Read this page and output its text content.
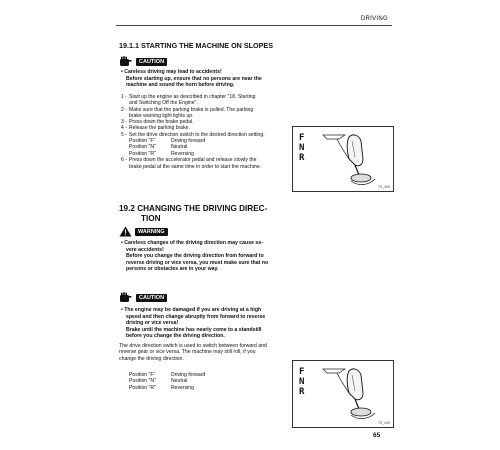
DRIVING
19.1.1 STARTING THE MACHINE ON SLOPES
CAUTION
• Careless driving may lead to accidents!
Before starting up, ensure that no persons are near the
machine and sound the horn before driving.
1 - Start up the engine as described in chapter "18. Starting
and Switching Off the Engine".
2 - Make sure that the parking brake is pulled. The parking
brake warning light lights up.
3 - Press down the brake pedal.
4 - Release the parking brake.
5 - Set the drive direction switch to the desired direction setting.
Position "F"	Driving forward
Position "N"	Neutral
Position "R"	Reversing
6 - Press down the accelerator pedal and release slowly the
brake pedal at the same time in order to start the machine.
F
N
R
7S_409
19.2 CHANGING THE DRIVING DIREC-
TION
WARNING
• Careless changes of the driving direction may cause se-
vere accidents!
Before you change the driving direction from forward to
reverse driving or vice versa, you must make sure that no
persons or obstacles are in your way.
CAUTION
• The engine may be damaged if you are driving at a high
speed and then change abruptly from forward to reverse
driving or vice versa!
Brake until the machine has nearly come to a standstill
before you change the driving direction.
The drive direction switch is used to switch between forward and
reverse gear or vice versa. The machine may still roll, if you
change the driving direction.
Position "F"	Driving forward
Position "N"	Neutral
Position "R"	Reversing
F
N
R
7S_409
65
